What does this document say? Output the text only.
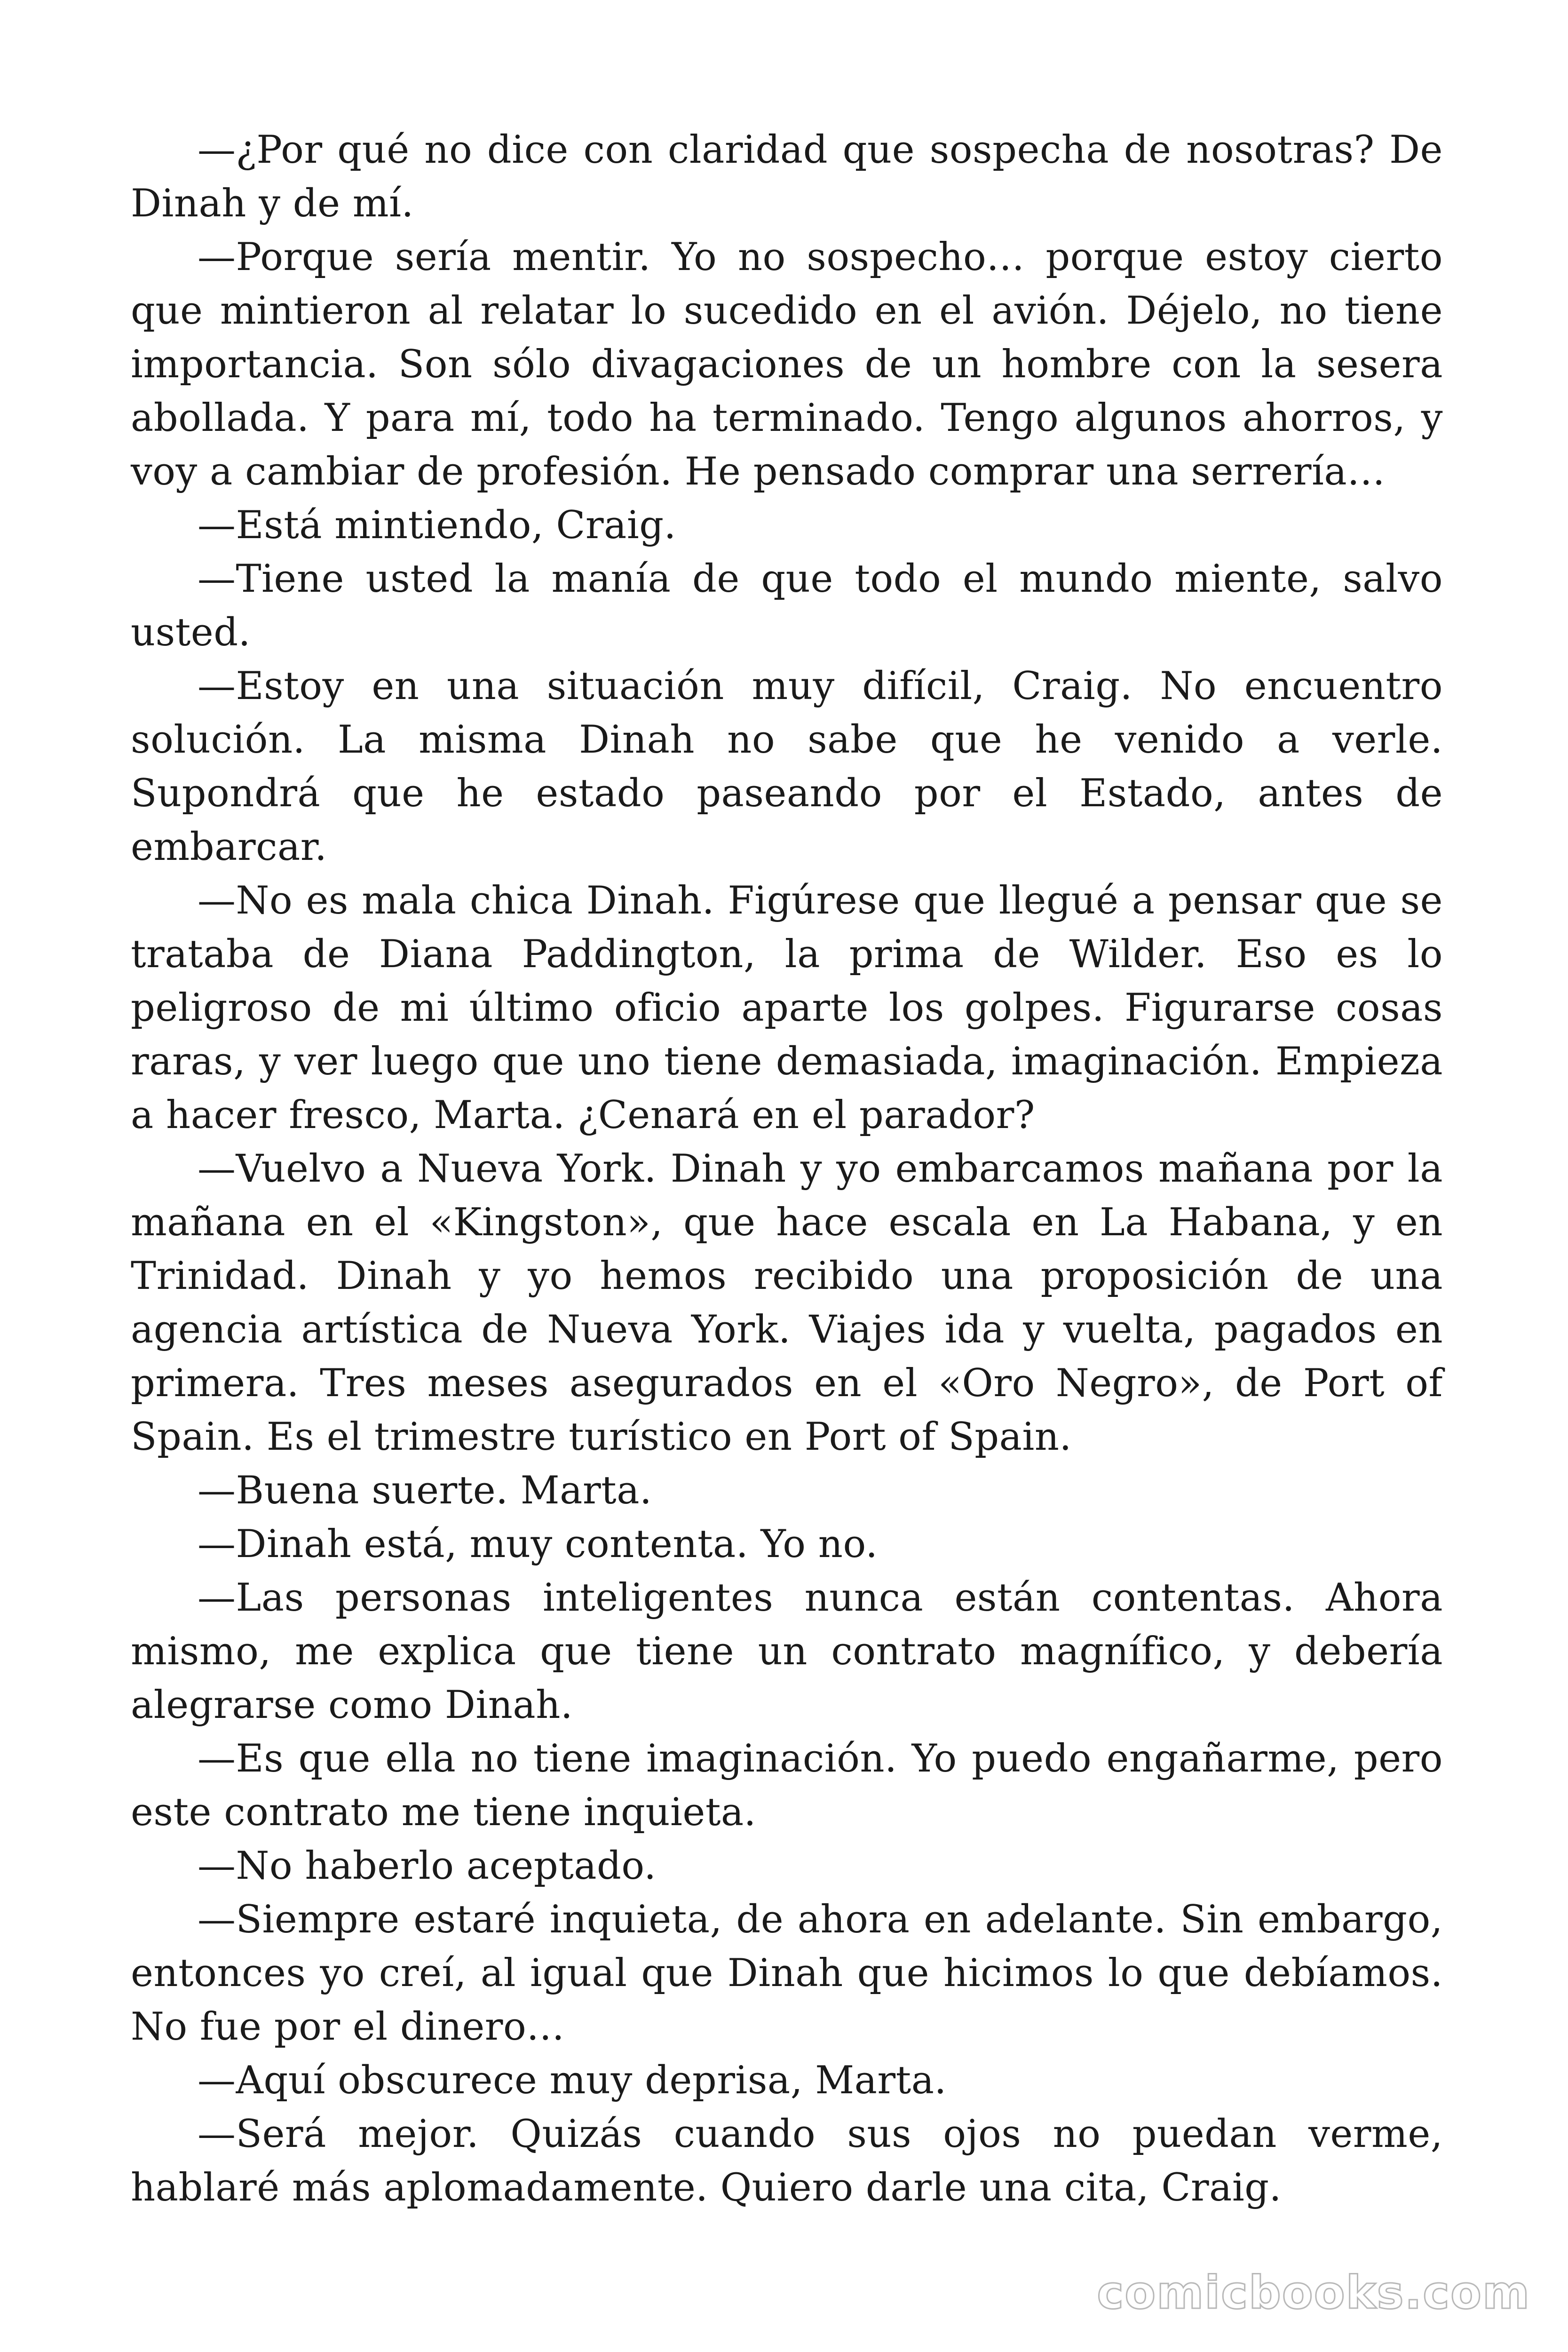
—¿Por qué no dice con claridad que sospecha de nosotras? De Dinah y de mí.

—Porque sería mentir. Yo no sospecho… porque estoy cierto que mintieron al relatar lo sucedido en el avión. Déjelo, no tiene importancia. Son sólo divagaciones de un hombre con la sesera abollada. Y para mí, todo ha terminado. Tengo algunos ahorros, y voy a cambiar de profesión. He pensado comprar una serrería…

—Está mintiendo, Craig.

—Tiene usted la manía de que todo el mundo miente, salvo usted.

—Estoy en una situación muy difícil, Craig. No encuentro solución. La misma Dinah no sabe que he venido a verle. Supondrá que he estado paseando por el Estado, antes de embarcar.

—No es mala chica Dinah. Figúrese que llegué a pensar que se trataba de Diana Paddington, la prima de Wilder. Eso es lo peligroso de mi último oficio aparte los golpes. Figurarse cosas raras, y ver luego que uno tiene demasiada, imaginación. Empieza a hacer fresco, Marta. ¿Cenará en el parador?

—Vuelvo a Nueva York. Dinah y yo embarcamos mañana por la mañana en el «Kingston», que hace escala en La Habana, y en Trinidad. Dinah y yo hemos recibido una proposición de una agencia artística de Nueva York. Viajes ida y vuelta, pagados en primera. Tres meses asegurados en el «Oro Negro», de Port of Spain. Es el trimestre turístico en Port of Spain.

—Buena suerte. Marta.

—Dinah está, muy contenta. Yo no.

—Las personas inteligentes nunca están contentas. Ahora mismo, me explica que tiene un contrato magnífico, y debería alegrarse como Dinah.

—Es que ella no tiene imaginación. Yo puedo engañarme, pero este contrato me tiene inquieta.

—No haberlo aceptado.

—Siempre estaré inquieta, de ahora en adelante. Sin embargo, entonces yo creí, al igual que Dinah que hicimos lo que debíamos. No fue por el dinero…

—Aquí obscurece muy deprisa, Marta.

—Será mejor. Quizás cuando sus ojos no puedan verme, hablaré más aplomadamente. Quiero darle una cita, Craig.

comicbooks.com
